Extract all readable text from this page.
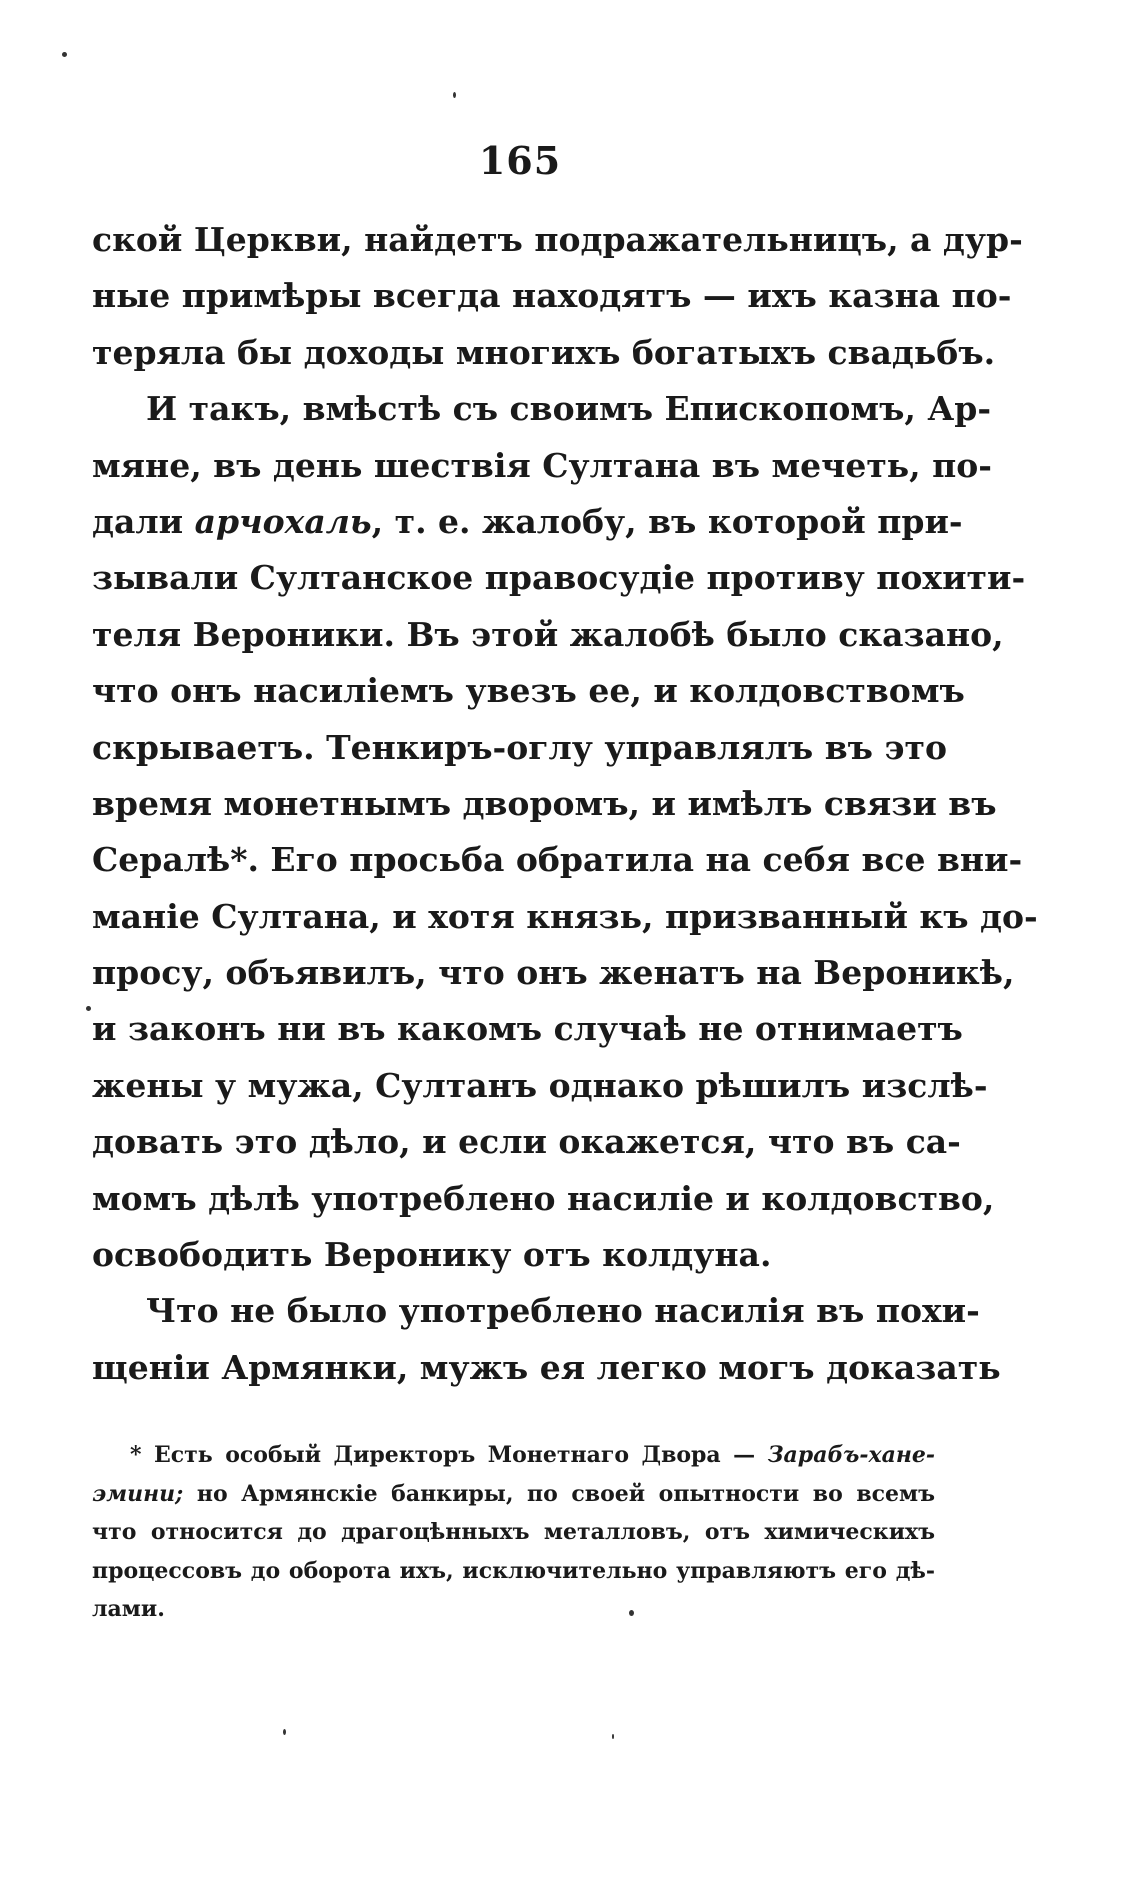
165
ской Церкви, найдетъ подражательницъ, а дур-
ные примѣры всегда находятъ — ихъ казна по-
теряла бы доходы многихъ богатыхъ свадьбъ.
И такъ, вмѣстѣ съ своимъ Епископомъ, Ар-
мяне, въ день шествія Султана въ мечеть, по-
дали арчохаль, т. е. жалобу, въ которой при-
зывали Султанское правосудіе противу похити-
теля Вероники. Въ этой жалобѣ было сказано,
что онъ насиліемъ увезъ ее, и колдовствомъ
скрываетъ. Тенкиръ-оглу управлялъ въ это
время монетнымъ дворомъ, и имѣлъ связи въ
Сералѣ*. Его просьба обратила на себя все вни-
маніе Султана, и хотя князь, призванный къ до-
просу, объявилъ, что онъ женатъ на Вероникѣ,
и законъ ни въ какомъ случаѣ не отнимаетъ
жены у мужа, Султанъ однако рѣшилъ изслѣ-
довать это дѣло, и если окажется, что въ са-
момъ дѣлѣ употреблено насиліе и колдовство,
освободить Веронику отъ колдуна.
Что не было употреблено насилія въ похи-
щеніи Армянки, мужъ ея легко могъ доказать
* Есть особый Директоръ Монетнаго Двора — Зарабъ-хане-
эмини; но Армянскіе банкиры, по своей опытности во всемъ
что относится до драгоцѣнныхъ металловъ, отъ химическихъ
процессовъ до оборота ихъ, исключительно управляютъ его дѣ-
лами.
